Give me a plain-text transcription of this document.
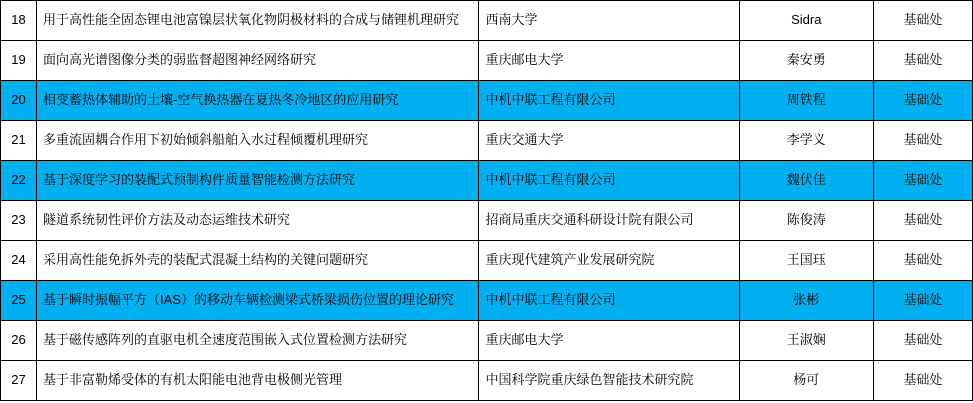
18	用于高性能全固态锂电池富镍层状氧化物阴极材料的合成与储锂机理研究	西南大学	Sidra	基础处
19	面向高光谱图像分类的弱监督超图神经网络研究	重庆邮电大学	秦安勇	基础处
20	相变蓄热体辅助的土壤-空气换热器在夏热冬冷地区的应用研究	中机中联工程有限公司	周铁程	基础处
21	多重流固耦合作用下初始倾斜船舶入水过程倾覆机理研究	重庆交通大学	李学义	基础处
22	基于深度学习的装配式预制构件质量智能检测方法研究	中机中联工程有限公司	魏伏佳	基础处
23	隧道系统韧性评价方法及动态运维技术研究	招商局重庆交通科研设计院有限公司	陈俊涛	基础处
24	采用高性能免拆外壳的装配式混凝土结构的关键问题研究	重庆现代建筑产业发展研究院	王国珏	基础处
25	基于瞬时振幅平方（IAS）的移动车辆检测梁式桥梁损伤位置的理论研究	中机中联工程有限公司	张彬	基础处
26	基于磁传感阵列的直驱电机全速度范围嵌入式位置检测方法研究	重庆邮电大学	王淑娴	基础处
27	基于非富勒烯受体的有机太阳能电池背电极侧光管理	中国科学院重庆绿色智能技术研究院	杨可	基础处
